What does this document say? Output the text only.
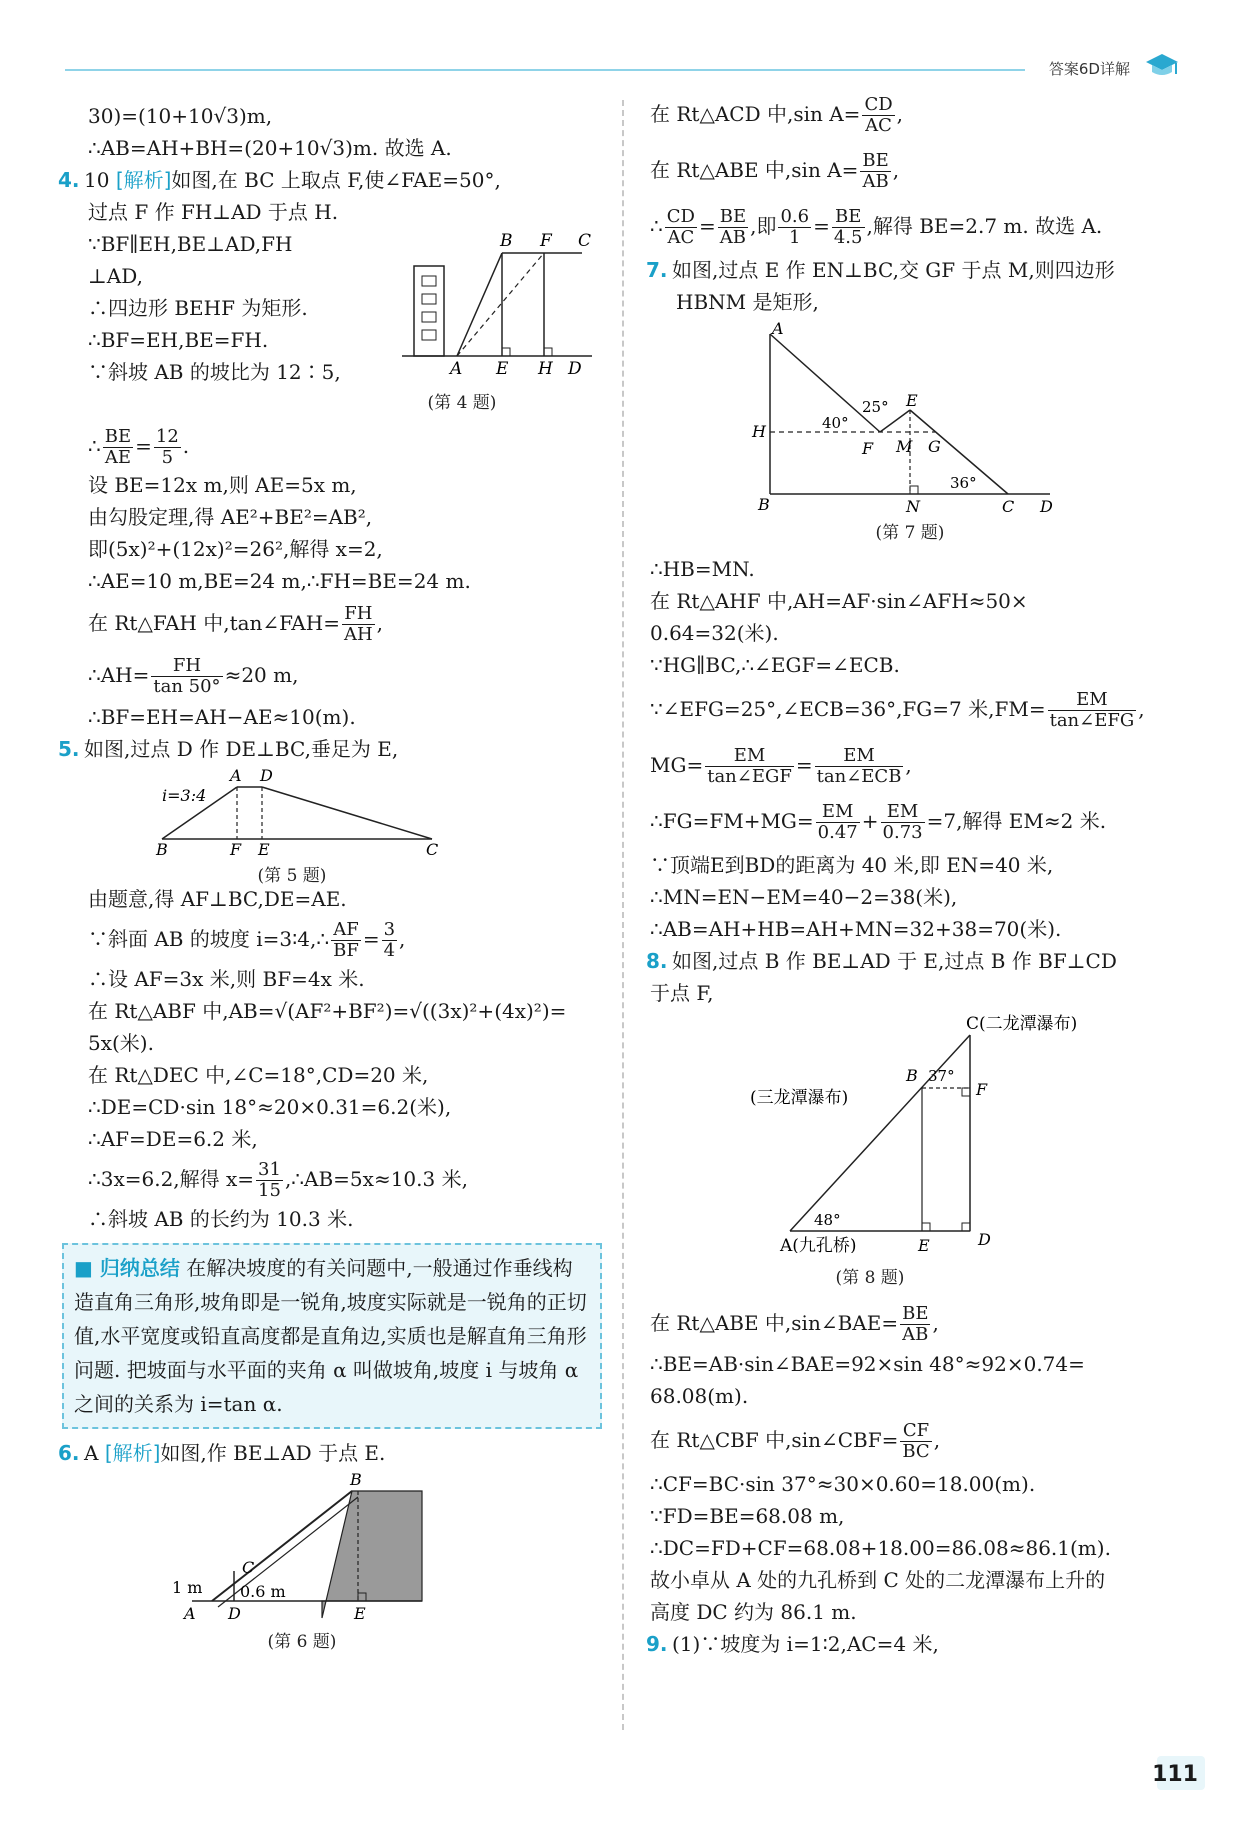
答案6D详解
30)=(10+10√3)m,
∴AB=AH+BH=(20+10√3)m. 故选 A.
4. 10 [解析]如图,在 BC 上取点 F,使∠FAE=50°,
过点 F 作 FH⊥AD 于点 H.
∵BF∥EH,BE⊥AD,FH
⊥AD,
∴四边形 BEHF 为矩形.
∴BF=EH,BE=FH.
∵斜坡 AB 的坡比为 12∶5,
B F C
A E H D
(第 4 题)
∴ $\frac{BE}{AE} = \frac{12}{5}$ .
设 BE=12x m,则 AE=5x m,
由勾股定理,得 AE²+BE²=AB²,
即(5x)²+(12x)²=26²,解得 x=2,
∴AE=10 m,BE=24 m,∴FH=BE=24 m.
在 Rt△FAH 中,tan∠FAH= $\frac{FH}{AH}$ ,
∴AH= $\frac{FH}{\tan 50^\circ} \approx 20$ m,
∴BF=EH=AH−AE≈10(m).
5. 如图,过点 D 作 DE⊥BC,垂足为 E,
i=3:4
A D
B	F E	C
(第 5 题)
由题意,得 AF⊥BC,DE=AE.
∵斜面 AB 的坡度 i=3∶4,∴ $\frac{AF}{BF} = \frac{3}{4}$ ,
∴设 AF=3x 米,则 BF=4x 米.
在 Rt△ABF 中,AB=√(AF²+BF²)=√((3x)²+(4x)²)=
5x(米).
在 Rt△DEC 中,∠C=18°,CD=20 米,
∴DE=CD·sin 18°≈20×0.31=6.2(米),
∴AF=DE=6.2 米,
∴3x=6.2,解得 $x= \frac{31}{15}$ ,∴AB=5x≈10.3 米,
∴斜坡 AB 的长约为 10.3 米.
■ 归纳总结 在解决坡度的有关问题中,一般通过作垂线构造直角三角形,坡角即是一锐角,坡度实际就是一锐角的正切值,水平宽度或铅直高度都是直角边,实质也是解直角三角形问题. 把坡面与水平面的夹角 α 叫做坡角,坡度 i 与坡角 α 之间的关系为 i=tan α.
6. A [解析]如图,作 BE⊥AD 于点 E.
B
C
1 m 0.6 m
A D	E
(第 6 题)
在 Rt△ACD 中,sin $A= \frac{CD}{AC}$ ,
在 Rt△ABE 中,sin $A= \frac{BE}{AB}$ ,
∴ $\frac{CD}{AC} = \frac{BE}{AB}$ ,即 $\frac{0.6}{1} = \frac{BE}{4.5}$ ,解得 BE=2.7 m. 故选 A.
7. 如图,过点 E 作 EN⊥BC,交 GF 于点 M,则四边形
HBNM 是矩形,
A
25° E
40°
H
F M G
36°
B	N	C D
(第 7 题)
∴HB=MN.
在 Rt△AHF 中,AH=AF·sin∠AFH≈50×
0.64=32(米).
∵HG∥BC,∴∠EGF=∠ECB.
∵∠EFG=25°,∠ECB=36°,FG=7 米$,FM= \frac{EM}{\text{tan∠EFG}}$ ,
$MG= \frac{EM}{\text{tan∠EGF}} = \frac{EM}{\text{tan∠ECB}}$ ,
∴FG=FM+MG= $\frac{EM}{0.47} + \frac{EM}{0.73} =7$,解得 EM≈2 米.
∵顶端E到BD的距离为 40 米,即 EN=40 米,
∴MN=EN−EM=40−2=38(米),
∴AB=AH+HB=AH+MN=32+38=70(米).
8. 如图,过点 B 作 BE⊥AD 于 E,过点 B 作 BF⊥CD
于点 F,
C(二龙潭瀑布)
B 37°
F
(三龙潭瀑布)
48°
A(九孔桥)	E	D
(第 8 题)
在 Rt△ABE 中,sin∠BAE= $\frac{BE}{AB}$ ,
∴BE=AB·sin∠BAE=92×sin 48°≈92×0.74=
68.08(m).
在 Rt△CBF 中,sin∠CBF= $\frac{CF}{BC}$ ,
∴CF=BC·sin 37°≈30×0.60=18.00(m).
∵FD=BE=68.08 m,
∴DC=FD+CF=68.08+18.00=86.08≈86.1(m).
故小卓从 A 处的九孔桥到 C 处的二龙潭瀑布上升的
高度 DC 约为 86.1 m.
9. (1)∵坡度为 i=1∶2,AC=4 米,
111
